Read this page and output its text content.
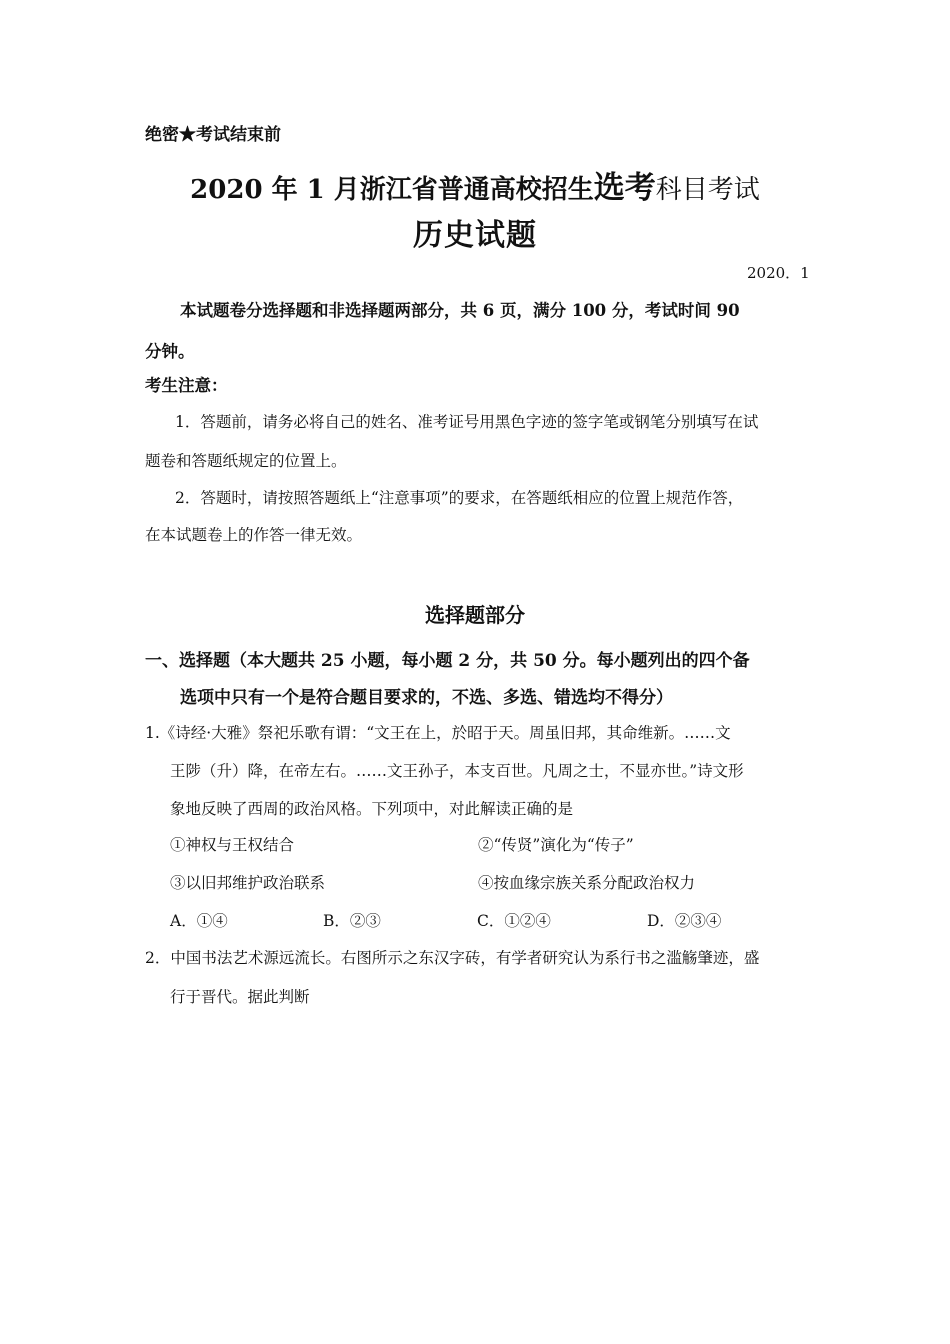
绝密★考试结束前
2020 年 1 月浙江省普通高校招生选考科目考试
历史试题
2020．1
本试题卷分选择题和非选择题两部分，共 6 页，满分 100 分，考试时间 90
分钟。
考生注意：
1．答题前，请务必将自己的姓名、准考证号用黑色字迹的签字笔或钢笔分别填写在试
题卷和答题纸规定的位置上。
2．答题时，请按照答题纸上“注意事项”的要求，在答题纸相应的位置上规范作答，
在本试题卷上的作答一律无效。
选择题部分
一、选择题（本大题共 25 小题，每小题 2 分，共 50 分。每小题列出的四个备
选项中只有一个是符合题目要求的，不选、多选、错选均不得分）
1.《诗经·大雅》祭祀乐歌有谓：“文王在上，於昭于天。周虽旧邦，其命维新。……文
王陟（升）降，在帝左右。……文王孙子，本支百世。凡周之士，不显亦世。”诗文形
象地反映了西周的政治风格。下列项中，对此解读正确的是
①神权与王权结合	②“传贤”演化为“传子”
③以旧邦维护政治联系	④按血缘宗族关系分配政治权力
A．①④	B．②③	C．①②④	D．②③④
2．中国书法艺术源远流长。右图所示之东汉字砖，有学者研究认为系行书之滥觞肇迹，盛
行于晋代。据此判断
